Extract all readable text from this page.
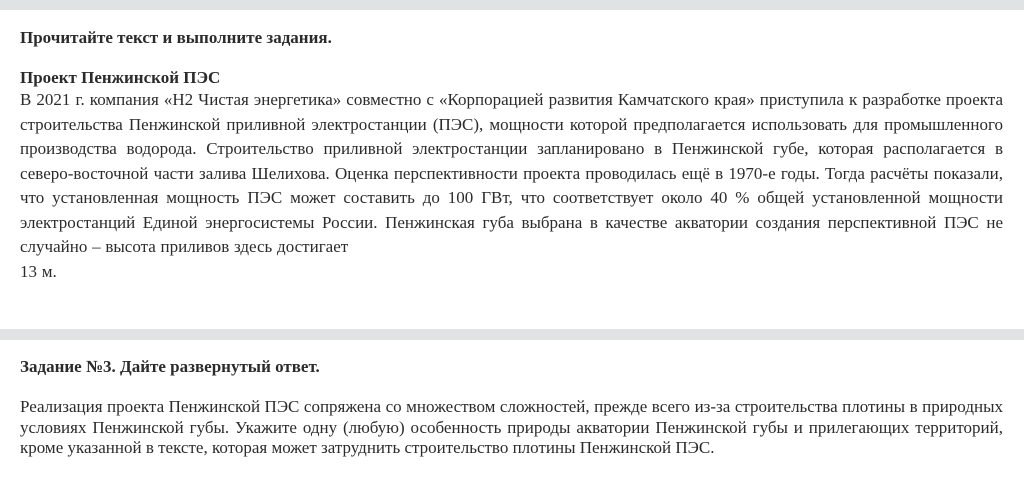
Прочитайте текст и выполните задания.

Проект Пенжинской ПЭС

В 2021 г. компания «Н2 Чистая энергетика» совместно с «Корпорацией развития Камчатского края» приступила к разработке проекта строительства Пенжинской приливной электростанции (ПЭС), мощности которой предполагается использовать для промышленного производства водорода. Строительство приливной электростанции запланировано в Пенжинской губе, которая располагается в северо-восточной части залива Шелихова. Оценка перспективности проекта проводилась ещё в 1970-е годы. Тогда расчёты показали, что установленная мощность ПЭС может составить до 100 ГВт, что соответствует около 40 % общей установленной мощности электростанций Единой энергосистемы России. Пенжинская губа выбрана в качестве акватории создания перспективной ПЭС не случайно – высота приливов здесь достигает

13 м.

Задание №3. Дайте развернутый ответ.

Реализация проекта Пенжинской ПЭС сопряжена со множеством сложностей, прежде всего из-за строительства плотины в природных условиях Пенжинской губы. Укажите одну (любую) особенность природы акватории Пенжинской губы и прилегающих территорий, кроме указанной в тексте, которая может затруднить строительство плотины Пенжинской ПЭС.
